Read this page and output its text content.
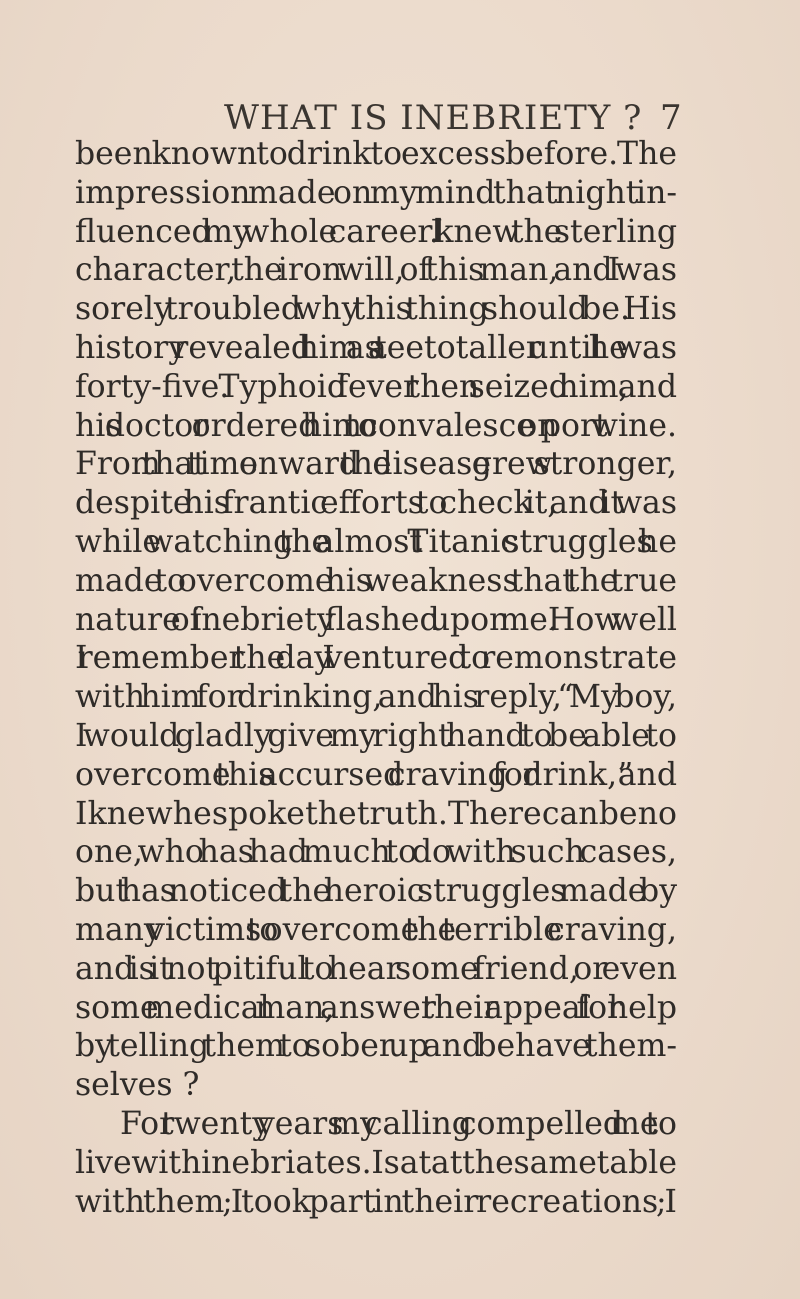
WHAT IS INEBRIETY ? 7
been known to drink to excess before. The
impression made on my mind that night in-
fluenced my whole career. I knew the sterling
character, the iron will, of this man, and I was
sorely troubled why this thing should be. His
history revealed him as a teetotaller until he was
forty-five. Typhoid fever then seized him, and
his doctor ordered him to convalesce on port wine.
From that time onward the disease grew stronger,
despite his frantic efforts to check it, and it was
while watching the almost Titanic struggles he
made to overcome his weakness that the true
nature of inebriety flashed upon me. How well
I remember the day I ventured to remonstrate
with him for drinking, and his reply, “ My boy,
I would gladly give my right hand to be able to
overcome this accursed craving for drink,” and
I knew he spoke the truth. There can be no
one, who has had much to do with such cases,
but has noticed the heroic struggles made by
many victims to overcome the terrible craving,
and is it not pitiful to hear some friend, or even
some medical man, answer their appeal for help
by telling them to sober up and behave them-
selves ?
For twenty years my calling compelled me to
live with inebriates. I sat at the same table
with them ; I took part in their recreations ; I
